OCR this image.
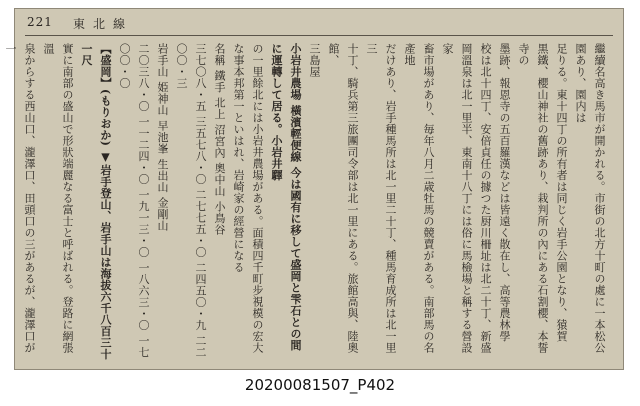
221 東北線
繼續名高き馬市が開かれる。市街の北方十町の處に一本松公園あり、園内は
足りる。東十四丁の所有者は同じく岩手公園となり、猿賀
黒鐵、櫻山神社の舊跡あり、栽判所の內にある石割櫻、本誓寺の
墨跡、報恩寺の五百羅漢などは皆遠く散在し、高等農林學
校は北十四丁、安倍貞任の據つた厨川柵址は北二十丁、新盛
岡溫泉は北一里半、東南十八丁には俗に馬檢場と稱する營設家
畜市場があり、毎年八月二歳牡馬の競賣がある。南部馬の名產地
だけあり、岩手種馬所は北一里二十丁、種馬育成所は北一里三
十丁、騎兵第三旅團司令部は北一里にある。旅館高與、陸奧館、
三島屋
小岩井農場 橫濱輕便線 今は國有に移して盛岡と雫石との間に運轉して居る。小岩井驛
の一里餘北には小岩井農場がある。面積四千町步視模の宏大
な事本邦第一といはれ、岩崎家の經營になる
名稱 鐵手 北上 沼宮內 奧中山 小鳥谷
三七〇八・五 三五七八・〇 二七七五・〇 二四五〇・九 二二〇〇・三
岩手山 姫神山 早池峯 生出山 金剛山
二〇三八・〇 一一二四・〇 一九一三・〇 一八六三・〇 一七〇〇・〇
【盛岡】(もりおか) ▼岩手登山、岩手山は海拔六千八百三十一尺
實に南部の盛山で形狀端麗なる富士と呼ばれる。登路に網張溫
泉からする西山口、瀧澤口、田頭口の三があるが、瀧澤口が一
20200081507_P402
